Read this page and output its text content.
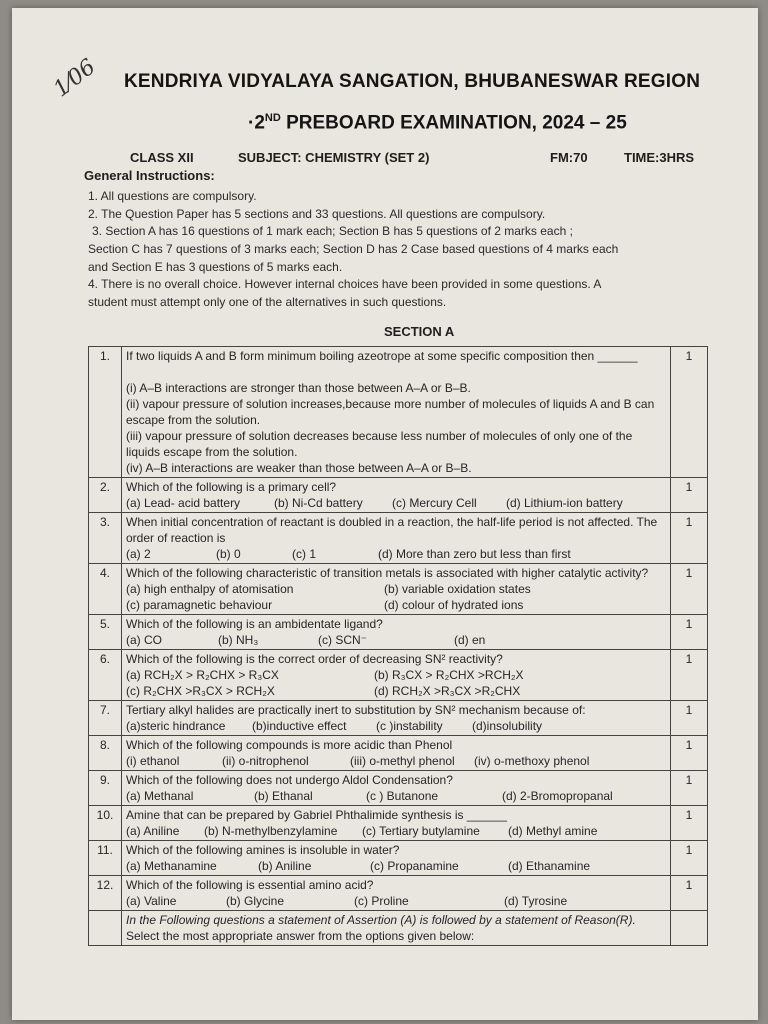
1⁄06 KENDRIYA VIDYALAYA SANGATION, BHUBANESWAR REGION
·2ND PREBOARD EXAMINATION, 2024 – 25
CLASS XII	SUBJECT: CHEMISTRY (SET 2)	FM:70	TIME:3HRS
General Instructions:
1. All questions are compulsory.
2. The Question Paper has 5 sections and 33 questions. All questions are compulsory.
3. Section A has 16 questions of 1 mark each; Section B has 5 questions of 2 marks each ;
Section C has 7 questions of 3 marks each; Section D has 2 Case based questions of 4 marks each
and Section E has 3 questions of 5 marks each.
4. There is no overall choice. However internal choices have been provided in some questions. A
student must attempt only one of the alternatives in such questions.
SECTION A
1.	If two liquids A and B form minimum boiling azeotrope at some specific composition then ______
(i) A–B interactions are stronger than those between A–A or B–B.
(ii) vapour pressure of solution increases,because more number of molecules of liquids A and B can escape from the solution.
(iii) vapour pressure of solution decreases because less number of molecules of only one of the liquids escape from the solution.
(iv) A–B interactions are weaker than those between A–A or B–B.	1
2.	Which of the following is a primary cell?
(a) Lead- acid battery (b) Ni-Cd battery (c) Mercury Cell (d) Lithium-ion battery	1
3.	When initial concentration of reactant is doubled in a reaction, the half-life period is not affected. The order of reaction is
(a) 2 (b) 0 (c) 1 (d) More than zero but less than first	1
4.	Which of the following characteristic of transition metals is associated with higher catalytic activity?
(a) high enthalpy of atomisation (b) variable oxidation states
(c) paramagnetic behaviour (d) colour of hydrated ions	1
5.	Which of the following is an ambidentate ligand?
(a) CO (b) NH₃ (c) SCN⁻ (d) en	1
6.	Which of the following is the correct order of decreasing SN² reactivity?
(a) RCH₂X > R₂CHX > R₃CX (b) R₃CX > R₂CHX >RCH₂X
(c) R₂CHX >R₃CX > RCH₂X (d) RCH₂X >R₃CX >R₂CHX	1
7.	Tertiary alkyl halides are practically inert to substitution by SN² mechanism because of:
(a)steric hindrance (b)inductive effect (c )instability (d)insolubility	1
8.	Which of the following compounds is more acidic than Phenol
(i) ethanol (ii) o-nitrophenol (iii) o-methyl phenol (iv) o-methoxy phenol	1
9.	Which of the following does not undergo Aldol Condensation?
(a) Methanal (b) Ethanal (c ) Butanone (d) 2-Bromopropanal	1
10.	Amine that can be prepared by Gabriel Phthalimide synthesis is ______
(a) Aniline (b) N-methylbenzylamine (c) Tertiary butylamine (d) Methyl amine	1
11.	Which of the following amines is insoluble in water?
(a) Methanamine (b) Aniline (c) Propanamine (d) Ethanamine	1
12.	Which of the following is essential amino acid?
(a) Valine (b) Glycine (c) Proline (d) Tyrosine	1

	In the Following questions a statement of Assertion (A) is followed by a statement of Reason(R).
Select the most appropriate answer from the options given below:	
